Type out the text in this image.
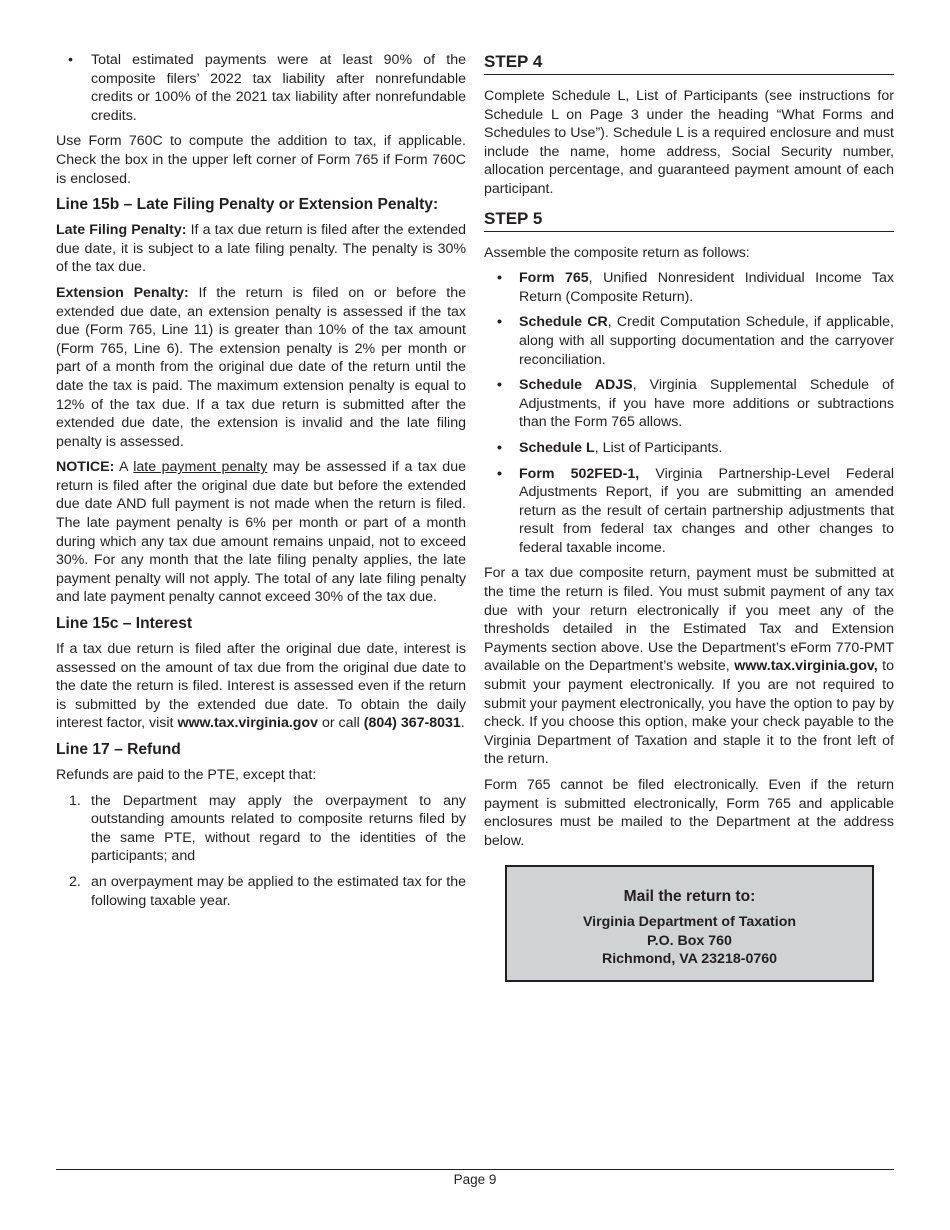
• Total estimated payments were at least 90% of the composite filers’ 2022 tax liability after nonrefundable credits or 100% of the 2021 tax liability after nonrefundable credits.

Use Form 760C to compute the addition to tax, if applicable. Check the box in the upper left corner of Form 765 if Form 760C is enclosed.

Line 15b – Late Filing Penalty or Extension Penalty:

Late Filing Penalty: If a tax due return is filed after the extended due date, it is subject to a late filing penalty. The penalty is 30% of the tax due.

Extension Penalty: If the return is filed on or before the extended due date, an extension penalty is assessed if the tax due (Form 765, Line 11) is greater than 10% of the tax amount (Form 765, Line 6). The extension penalty is 2% per month or part of a month from the original due date of the return until the date the tax is paid. The maximum extension penalty is equal to 12% of the tax due. If a tax due return is submitted after the extended due date, the extension is invalid and the late filing penalty is assessed.

NOTICE: A late payment penalty may be assessed if a tax due return is filed after the original due date but before the extended due date AND full payment is not made when the return is filed. The late payment penalty is 6% per month or part of a month during which any tax due amount remains unpaid, not to exceed 30%. For any month that the late filing penalty applies, the late payment penalty will not apply. The total of any late filing penalty and late payment penalty cannot exceed 30% of the tax due.

Line 15c – Interest

If a tax due return is filed after the original due date, interest is assessed on the amount of tax due from the original due date to the date the return is filed. Interest is assessed even if the return is submitted by the extended due date. To obtain the daily interest factor, visit www.tax.virginia.gov or call (804) 367-8031.

Line 17 – Refund

Refunds are paid to the PTE, except that:

1. the Department may apply the overpayment to any outstanding amounts related to composite returns filed by the same PTE, without regard to the identities of the participants; and
2. an overpayment may be applied to the estimated tax for the following taxable year.
STEP 4

Complete Schedule L, List of Participants (see instructions for Schedule L on Page 3 under the heading “What Forms and Schedules to Use”). Schedule L is a required enclosure and must include the name, home address, Social Security number, allocation percentage, and guaranteed payment amount of each participant.

STEP 5

Assemble the composite return as follows:

• Form 765, Unified Nonresident Individual Income Tax Return (Composite Return).
• Schedule CR, Credit Computation Schedule, if applicable, along with all supporting documentation and the carryover reconciliation.
• Schedule ADJS, Virginia Supplemental Schedule of Adjustments, if you have more additions or subtractions than the Form 765 allows.
• Schedule L, List of Participants.
• Form 502FED-1, Virginia Partnership-Level Federal Adjustments Report, if you are submitting an amended return as the result of certain partnership adjustments that result from federal tax changes and other changes to federal taxable income.

For a tax due composite return, payment must be submitted at the time the return is filed. You must submit payment of any tax due with your return electronically if you meet any of the thresholds detailed in the Estimated Tax and Extension Payments section above. Use the Department’s eForm 770-PMT available on the Department’s website, www.tax.virginia.gov, to submit your payment electronically. If you are not required to submit your payment electronically, you have the option to pay by check. If you choose this option, make your check payable to the Virginia Department of Taxation and staple it to the front left of the return.

Form 765 cannot be filed electronically. Even if the return payment is submitted electronically, Form 765 and applicable enclosures must be mailed to the Department at the address below.

Mail the return to:
Virginia Department of Taxation
P.O. Box 760
Richmond, VA 23218-0760
Page 9
